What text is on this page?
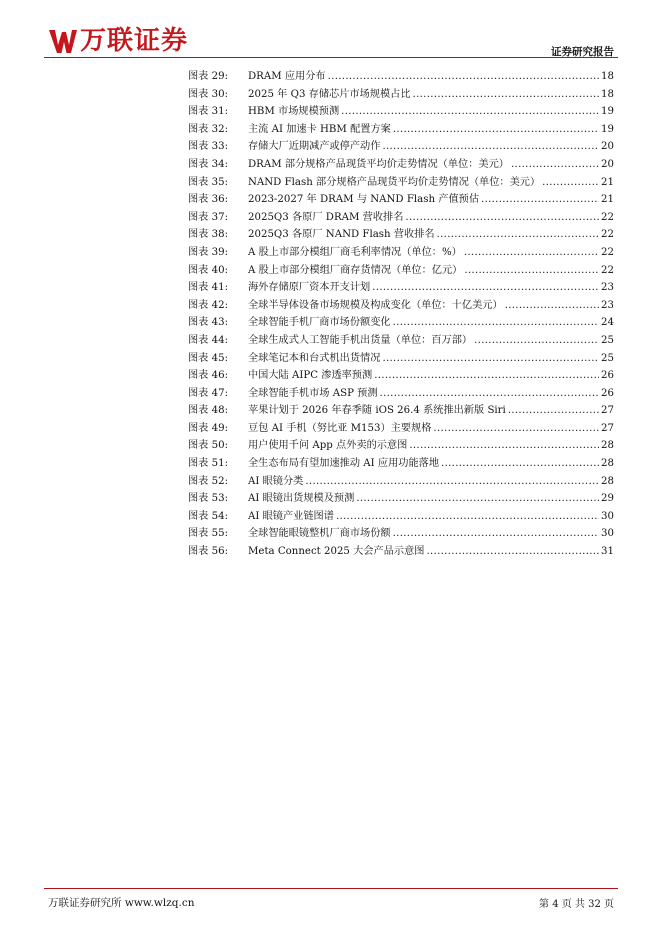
万联证券	证券研究报告
图表 29:	DRAM 应用分布 .....	18
图表 30:	2025 年 Q3 存储芯片市场规模占比 .....	18
图表 31:	HBM 市场规模预测 .....	19
图表 32:	主流 AI 加速卡 HBM 配置方案 .....	19
图表 33:	存储大厂近期减产或停产动作 .....	20
图表 34:	DRAM 部分规格产品现货平均价走势情况（单位：美元） .....	20
图表 35:	NAND Flash 部分规格产品现货平均价走势情况（单位：美元） .....	21
图表 36:	2023-2027 年 DRAM 与 NAND Flash 产值预估 .....	21
图表 37:	2025Q3 各原厂 DRAM 营收排名 .....	22
图表 38:	2025Q3 各原厂 NAND Flash 营收排名 .....	22
图表 39:	A 股上市部分模组厂商毛利率情况（单位：%） .....	22
图表 40:	A 股上市部分模组厂商存货情况（单位：亿元） .....	22
图表 41:	海外存储原厂资本开支计划 .....	23
图表 42:	全球半导体设备市场规模及构成变化（单位：十亿美元） .....	23
图表 43:	全球智能手机厂商市场份额变化 .....	24
图表 44:	全球生成式人工智能手机出货量（单位：百万部） .....	25
图表 45:	全球笔记本和台式机出货情况 .....	25
图表 46:	中国大陆 AIPC 渗透率预测 .....	26
图表 47:	全球智能手机市场 ASP 预测 .....	26
图表 48:	苹果计划于 2026 年春季随 iOS 26.4 系统推出新版 Siri .....	27
图表 49:	豆包 AI 手机（努比亚 M153）主要规格 .....	27
图表 50:	用户使用千问 App 点外卖的示意图 .....	28
图表 51:	全生态布局有望加速推动 AI 应用功能落地 .....	28
图表 52:	AI 眼镜分类 .....	28
图表 53:	AI 眼镜出货规模及预测 .....	29
图表 54:	AI 眼镜产业链图谱 .....	30
图表 55:	全球智能眼镜整机厂商市场份额 .....	30
图表 56:	Meta Connect 2025 大会产品示意图 .....	31
万联证券研究所 www.wlzq.cn	第 4 页 共 32 页
